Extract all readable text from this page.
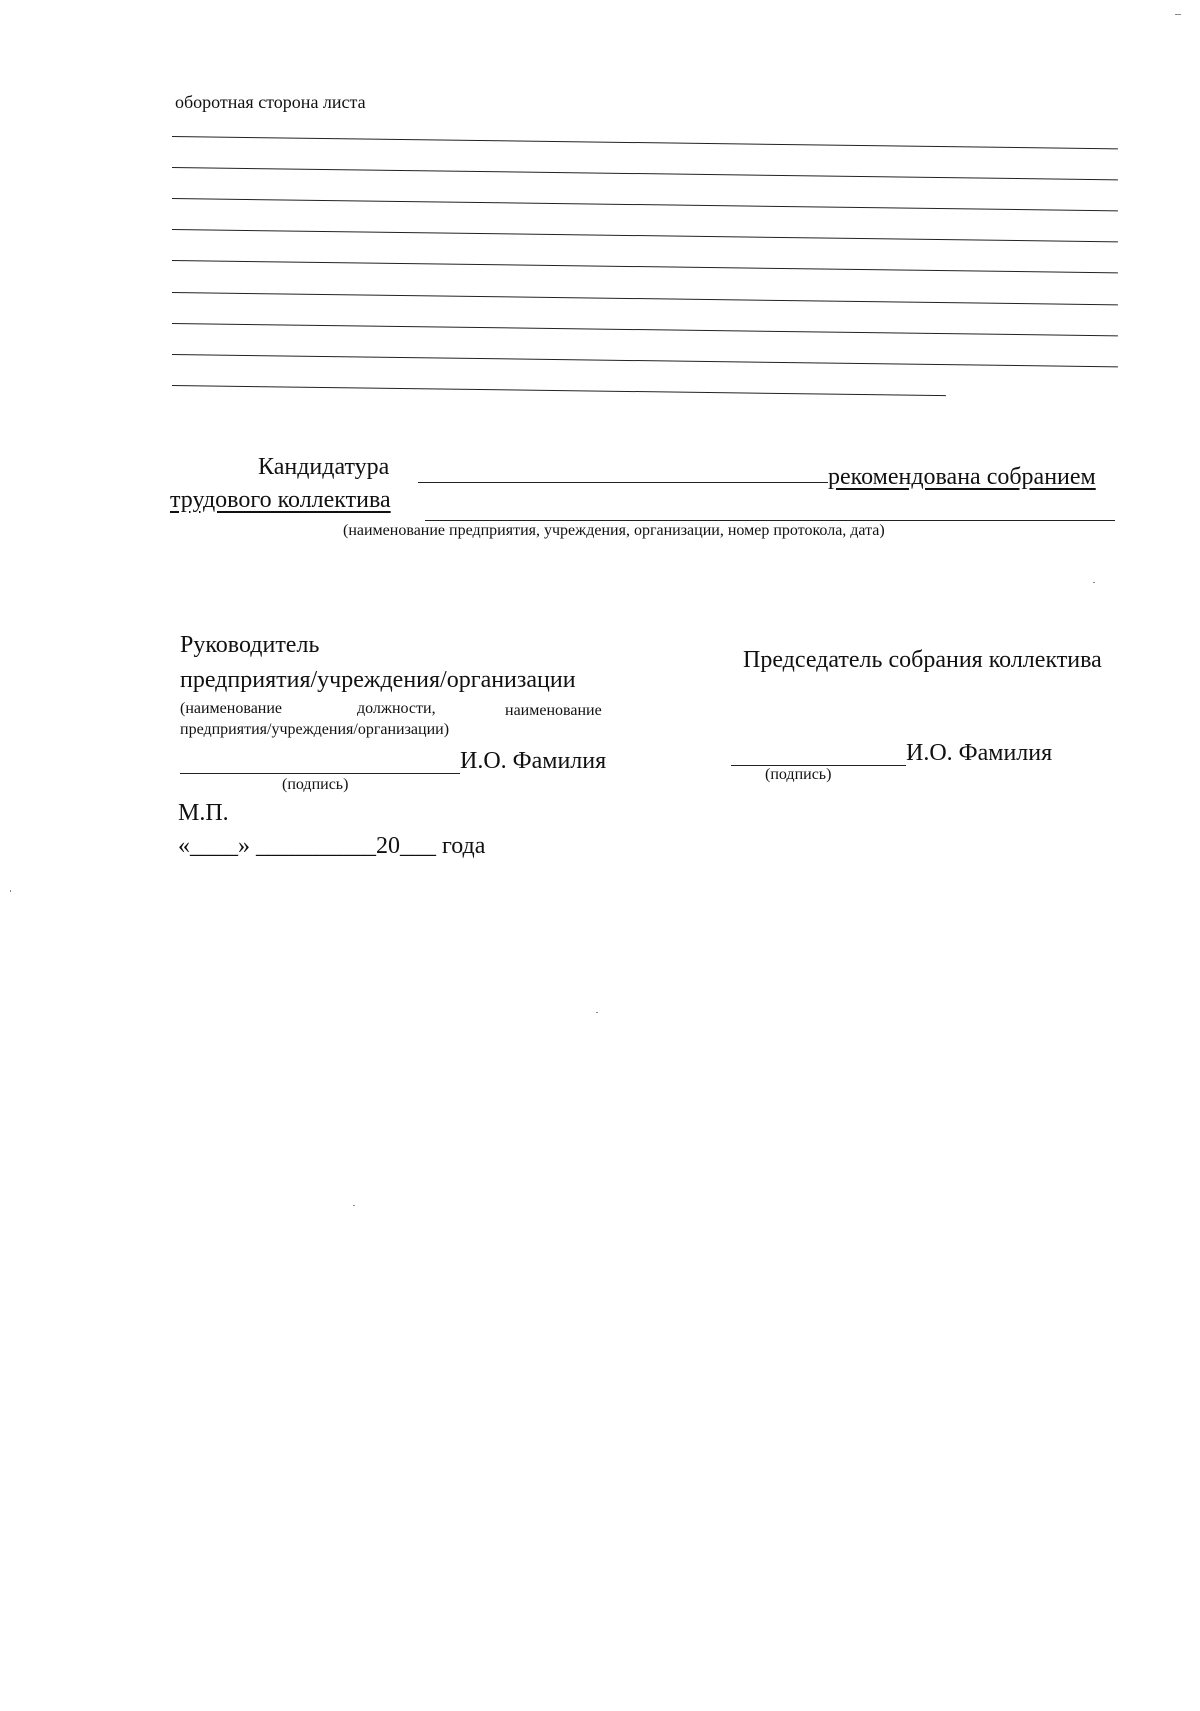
оборотная сторона листа
Кандидатура	рекомендована собранием
трудового коллектива
(наименование предприятия, учреждения, организации, номер протокола, дата)
Руководитель
предприятия/учреждения/организации
(наименование	должности,	наименование
предприятия/учреждения/организации)
И.О. Фамилия
(подпись)
М.П.
«____» __________20___ года
Председатель собрания коллектива
И.О. Фамилия
(подпись)
